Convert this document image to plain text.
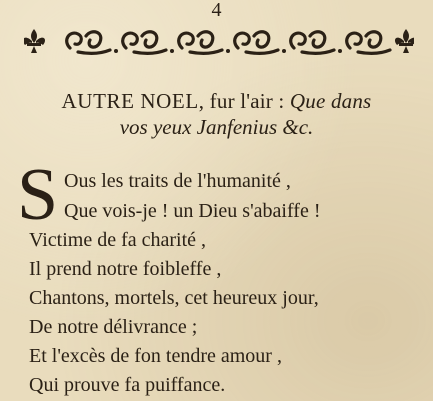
4
AUTRE NOEL, fur l'air : Que dans
vos yeux Janfenius &c.
S Ous les traits de l'humanité ,
Que vois-je ! un Dieu s'abaiffe !
Victime de fa charité ,
Il prend notre foibleffe ,
Chantons, mortels, cet heureux jour,
De notre délivrance ;
Et l'excès de fon tendre amour ,
Qui prouve fa puiffance.
